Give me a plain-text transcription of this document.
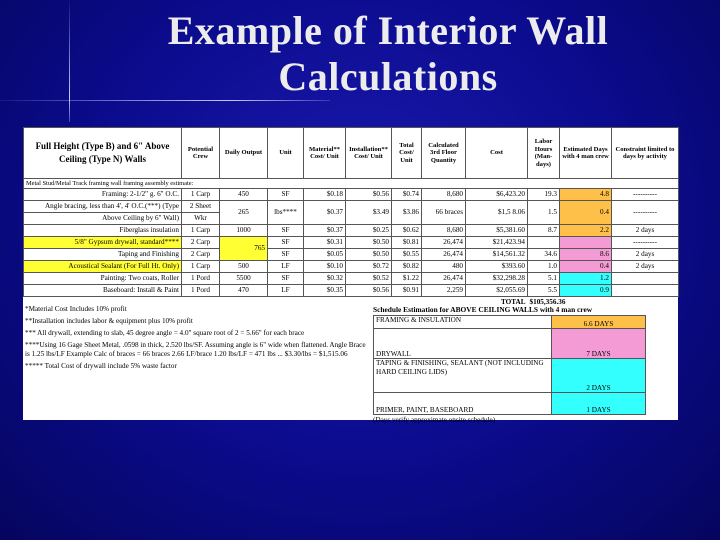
Example of Interior Wall
Calculations
Full Height (Type B) and 6" Above Ceiling (Type N) Walls	Potential Crew	Daily Output	Unit	Material** Cost/ Unit	Installation** Cost/ Unit	Total Cost/ Unit	Calculated 3rd Floor Quantity	Cost	Labor Hours (Man-days)	Estimated Days with 4 man crew	Constraint limited to days by activity
Metal Stud/Metal Track framing wall framing assembly estimate:											
Framing: 2-1/2" g. 6" O.C.	1 Carp	450	SF	$0.18	$0.56	$0.74	8,680	$6,423.20	19.3	4.8	----------
Angle bracing, less than 4', 4' O.C.(***) (Type	2 Sheet	265	lbs****	$0.37	$3.49	$3.86	66 braces	$1,5 8.06	1.5	0.4	----------
Above Ceiling by 6" Wall)	Wkr										
Fiberglass insulation	1 Carp	1000	SF	$0.37	$0.25	$0.62	8,680	$5,381.60	8.7	2.2	2 days
5/8" Gypsum drywall, standard****	2 Carp	765	SF	$0.31	$0.50	$0.81	26,474	$21,423.94			----------
Taping and Finishing	2 Carp		SF	$0.05	$0.50	$0.55	26,474	$14,561.32	34.6	8.6	2 days
Acoustical Sealant (For Full Ht. Only)	1 Carp	500	LF	$0.10	$0.72	$0.82	480	$393.60	1.0	0.4	2 days
Painting: Two coats, Roller	1 Pord	5500	SF	$0.32	$0.52	$1.22	26,474	$32,298.28	5.1	1.2	
Baseboard: Install & Paint	1 Pord	470	LF	$0.35	$0.56	$0.91	2,259	$2,055.69	5.5	0.9	
								TOTAL	$105,356.36		

*Material Cost Includes 10% profit

**Installation includes labor & equipment plus 10% profit

*** All drywall, extending to slab, 45 degree angle = 4.0" square root of 2 = 5.66" for each brace

****Using 16 Gage Sheet Metal, .0598 in thick, 2.520 lbs/SF. Assuming angle is 6" wide when flattened. Angle Brace is 1.25 lbs/LF Example Calc of braces = 66 braces 2.66 LF/brace 1.20 lbs/LF = 471 lbs ... $3.30/lbs = $1,515.06

***** Total Cost of drywall include 5% waste factor

Schedule Estimation for ABOVE CEILING WALLS with 4 man crew
FRAMING & INSULATION	6.6 DAYS
DRYWALL	7 DAYS
TAPING & FINISHING, SEALANT (NOT INCLUDING HARD CEILING LIDS)	2 DAYS
PRIMER, PAINT, BASEBOARD	1 DAYS
(Days verify approximate onsite schedule)
